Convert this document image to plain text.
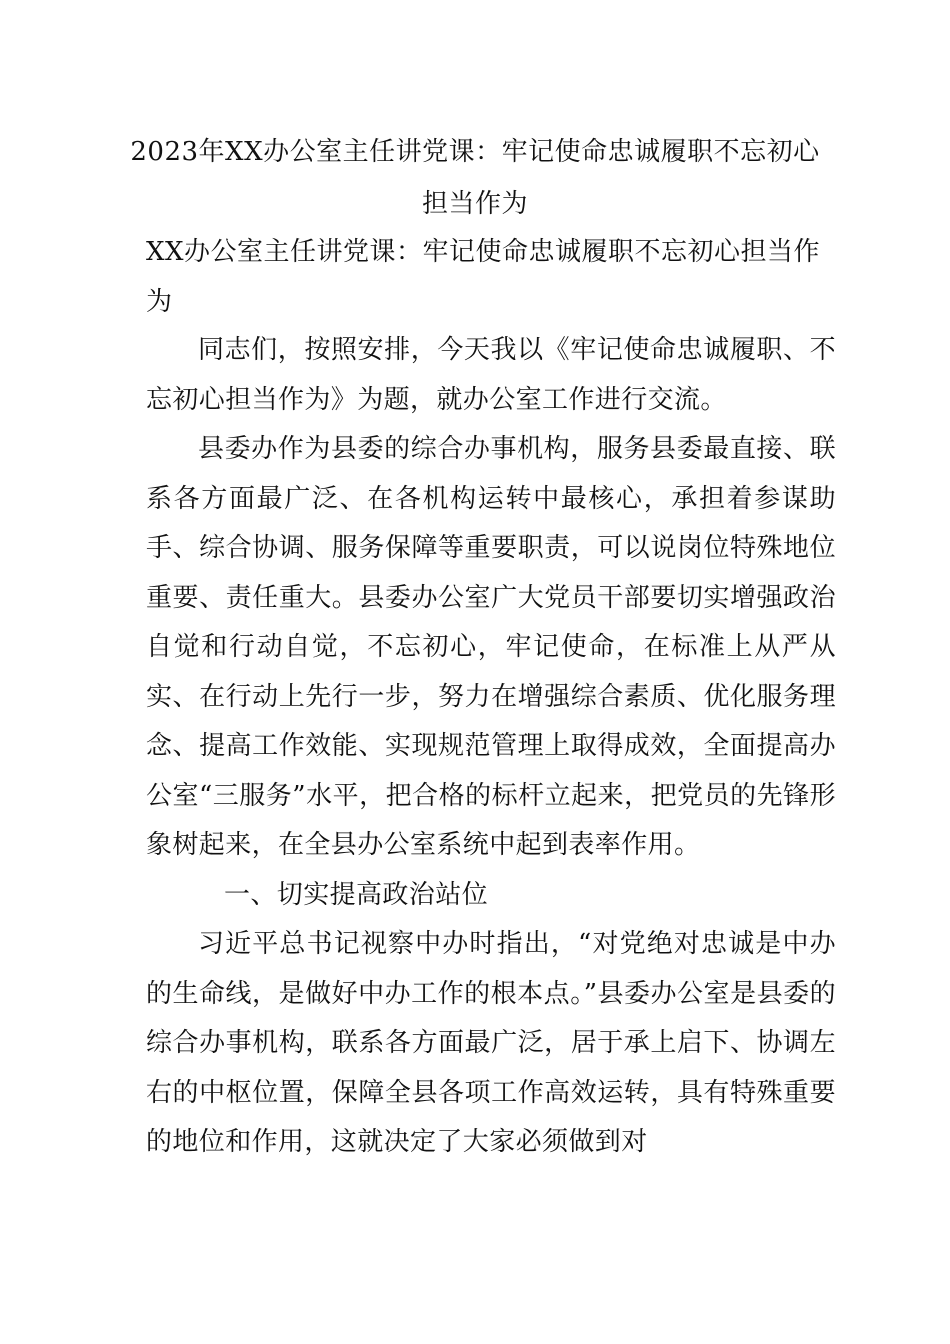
2023年XX办公室主任讲党课：牢记使命忠诚履职不忘初心担当作为
XX办公室主任讲党课：牢记使命忠诚履职不忘初心担当作为

同志们，按照安排，今天我以《牢记使命忠诚履职、不忘初心担当作为》为题，就办公室工作进行交流。

县委办作为县委的综合办事机构，服务县委最直接、联系各方面最广泛、在各机构运转中最核心，承担着参谋助手、综合协调、服务保障等重要职责，可以说岗位特殊地位重要、责任重大。县委办公室广大党员干部要切实增强政治自觉和行动自觉，不忘初心，牢记使命，在标准上从严从实、在行动上先行一步，努力在增强综合素质、优化服务理念、提高工作效能、实现规范管理上取得成效，全面提高办公室“三服务”水平，把合格的标杆立起来，把党员的先锋形象树起来，在全县办公室系统中起到表率作用。

一、切实提高政治站位

习近平总书记视察中办时指出，“对党绝对忠诚是中办的生命线，是做好中办工作的根本点。”县委办公室是县委的综合办事机构，联系各方面最广泛，居于承上启下、协调左右的中枢位置，保障全县各项工作高效运转，具有特殊重要的地位和作用，这就决定了大家必须做到对
